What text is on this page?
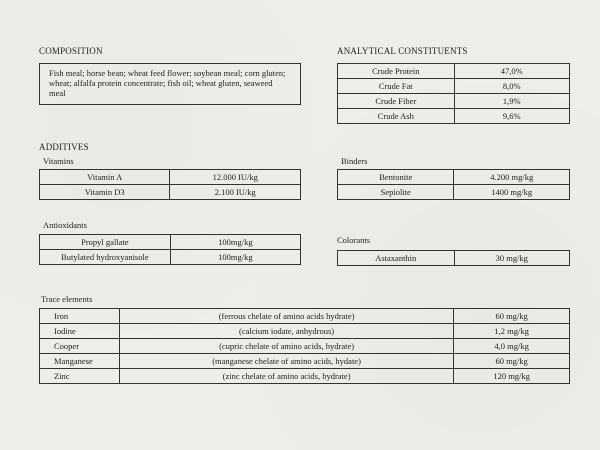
COMPOSITION
Fish meal; horse bean; wheat feed flower; soybean meal; corn gluten; wheat; alfalfa protein concentrate; fish oil; wheat gluten, seaweed meal
ANALYTICAL CONSTITUENTS
Crude Protein	47,0%
Crude Fat	8,0%
Crude Fiber	1,9%
Crude Ash	9,6%
ADDITIVES
Vitamins
Vitamin A	12.000 IU/kg
Vitamin D3	2.100 IU/kg
Binders
Bentonite	4.200 mg/kg
Sepiolite	1400 mg/kg
Antioxidants
Propyl gallate	100mg/kg
Butylated hydroxyanisole	100mg/kg
Colorants
Astaxanthin	30 mg/kg
Trace elements
Iron	(ferrous chelate of amino acids hydrate)	60 mg/kg
Iodine	(calcium iodate, anhydrous)	1,2 mg/kg
Cooper	(cupric chelate of amino acids, hydrate)	4,0 mg/kg
Manganese	(manganese chelate of amino acids, hydate)	60 mg/kg
Zinc	(zinc chelate of amino acids, hydrate)	120 mg/kg
